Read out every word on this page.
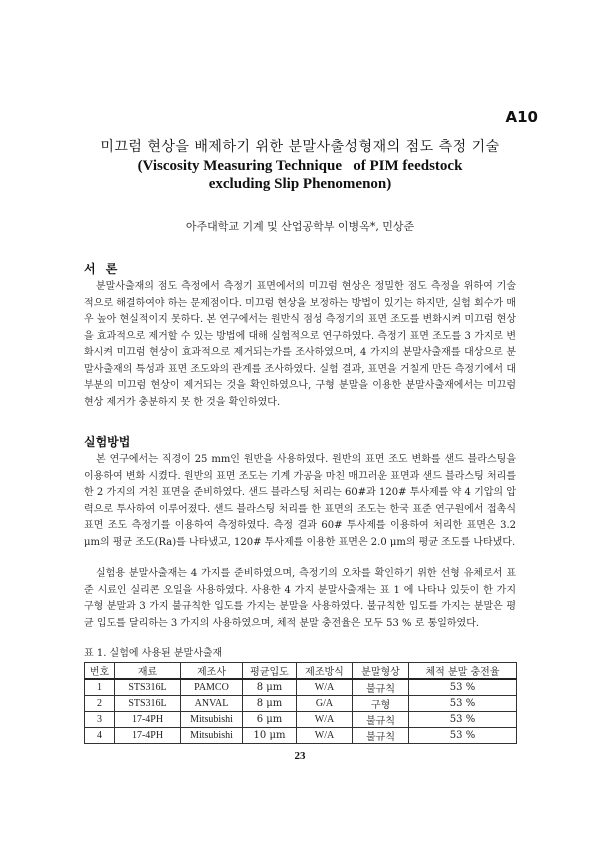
A10
미끄럼 현상을 배제하기 위한 분말사출성형재의 점도 측정 기술
(Viscosity Measuring Technique   of PIM feedstock
excluding Slip Phenomenon)
아주대학교 기계 및 산업공학부 이병옥*, 민상준
서 론

분말사출재의 점도 측정에서 측정기 표면에서의 미끄럼 현상은 정밀한 점도 측정을 위하여 기술적으로 해결하여야 하는 문제점이다. 미끄럼 현상을 보정하는 방법이 있기는 하지만, 실험 회수가 매우 높아 현실적이지 못하다. 본 연구에서는 원반식 점성 측정기의 표면 조도를 변화시켜 미끄럼 현상을 효과적으로 제거할 수 있는 방법에 대해 실험적으로 연구하였다. 측정기 표면 조도를 3 가지로 변화시켜 미끄럼 현상이 효과적으로 제거되는가를 조사하였으며, 4 가지의 분말사출재를 대상으로 분말사출재의 특성과 표면 조도와의 관계를 조사하였다. 실험 결과, 표면을 거칠게 만든 측정기에서 대부분의 미끄럼 현상이 제거되는 것을 확인하였으나, 구형 분말을 이용한 분말사출재에서는 미끄럼 현상 제거가 충분하지 못 한 것을 확인하였다.

실험방법

본 연구에서는 직경이 25 mm인 원반을 사용하였다. 원반의 표면 조도 변화를 샌드 블라스팅을 이용하여 변화 시켰다. 원반의 표면 조도는 기계 가공을 마친 매끄러운 표면과 샌드 블라스팅 처리를 한 2 가지의 거친 표면을 준비하였다. 샌드 블라스팅 처리는 60#과 120# 투사제를 약 4 기압의 압력으로 투사하여 이루어졌다. 샌드 블라스팅 처리를 한 표면의 조도는 한국 표준 연구원에서 접촉식 표면 조도 측정기를 이용하여 측정하였다. 측정 결과 60# 투사제를 이용하여 처리한 표면은 3.2 μm의 평균 조도(Ra)를 나타냈고, 120# 투사제를 이용한 표면은 2.0 μm의 평균 조도를 나타냈다.

실험용 분말사출재는 4 가지를 준비하였으며, 측정기의 오차를 확인하기 위한 선형 유체로서 표준 시료인 실리콘 오일을 사용하였다. 사용한 4 가지 분말사출재는 표 1 에 나타나 있듯이 한 가지 구형 분말과 3 가지 불규칙한 입도를 가지는 분말을 사용하였다. 불규칙한 입도를 가지는 분말은 평균 입도를 달리하는 3 가지의 사용하였으며, 체적 분말 충전율은 모두 53 % 로 통일하였다.

표 1. 실험에 사용된 분말사출재
번호	재료	제조사	평균입도	제조방식	분말형상	체적 분말 충전율
1	STS316L	PAMCO	8 μm	W/A	불규칙	53 %
2	STS316L	ANVAL	8 μm	G/A	구형	53 %
3	17-4PH	Mitsubishi	6 μm	W/A	불규칙	53 %
4	17-4PH	Mitsubishi	10 μm	W/A	불규칙	53 %
23
